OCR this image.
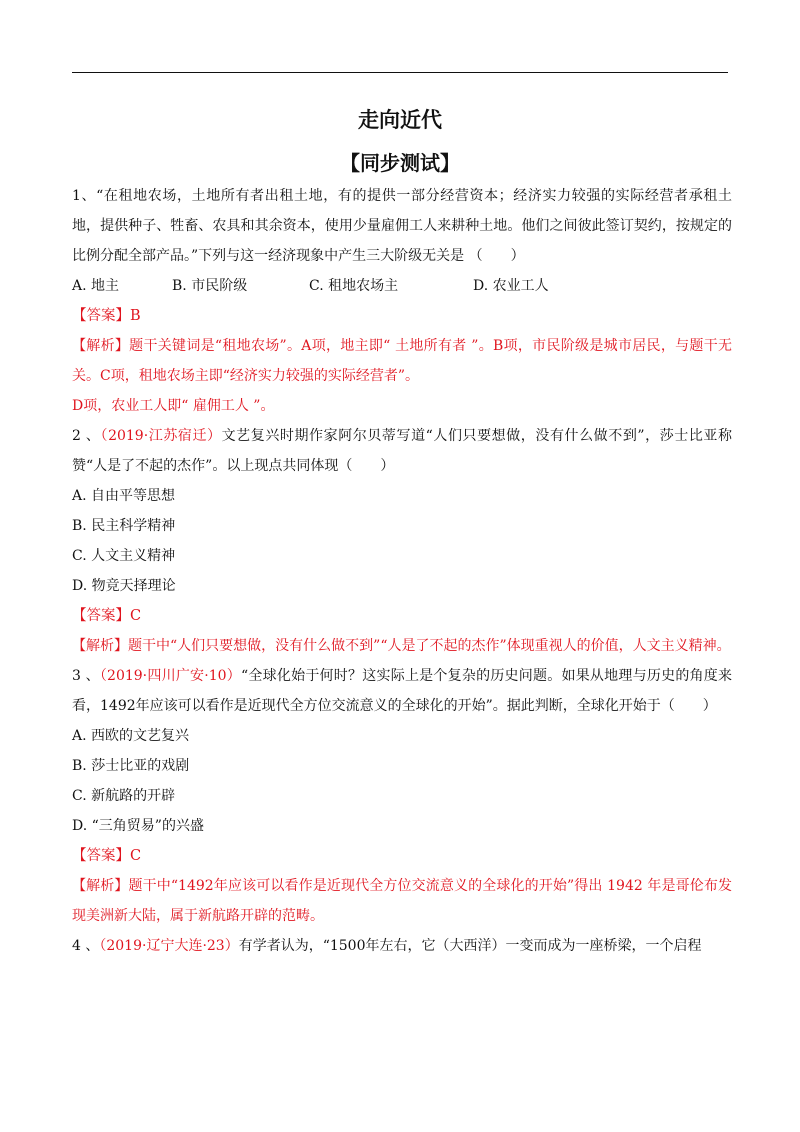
走向近代
【同步测试】

1、“在租地农场，土地所有者出租土地，有的提供一部分经营资本；经济实力较强的实际经营者承租土地，提供种子、牲畜、农具和其余资本，使用少量雇佣工人来耕种土地。他们之间彼此签订契约，按规定的比例分配全部产品。”下列与这一经济现象中产生三大阶级无关是 （　　）

A. 地主	B. 市民阶级	C. 租地农场主	D. 农业工人

【答案】B

【解析】题干关键词是“租地农场”。A项，地主即“ 土地所有者 ”。B项，市民阶级是城市居民，与题干无关。C项，租地农场主即“经济实力较强的实际经营者”。

D项，农业工人即“ 雇佣工人 ”。

2 、（2019·江苏宿迁）文艺复兴时期作家阿尔贝蒂写道“人们只要想做，没有什么做不到”，莎士比亚称赞“人是了不起的杰作”。以上现点共同体现（　　）

A. 自由平等思想

B. 民主科学精神

C. 人文主义精神

D. 物竞天择理论

【答案】C

【解析】题干中“人们只要想做，没有什么做不到”“人是了不起的杰作”体现重视人的价值，人文主义精神。

3 、（2019·四川广安·10）“全球化始于何时？这实际上是个复杂的历史问题。如果从地理与历史的角度来看，1492年应该可以看作是近现代全方位交流意义的全球化的开始”。据此判断，全球化开始于（　　）

A. 西欧的文艺复兴

B. 莎士比亚的戏剧

C. 新航路的开辟

D. “三角贸易”的兴盛

【答案】C

【解析】题干中“1492年应该可以看作是近现代全方位交流意义的全球化的开始”得出 1942 年是哥伦布发现美洲新大陆，属于新航路开辟的范畴。

4 、（2019·辽宁大连·23）有学者认为，“1500年左右，它（大西洋）一变而成为一座桥梁，一个启程
